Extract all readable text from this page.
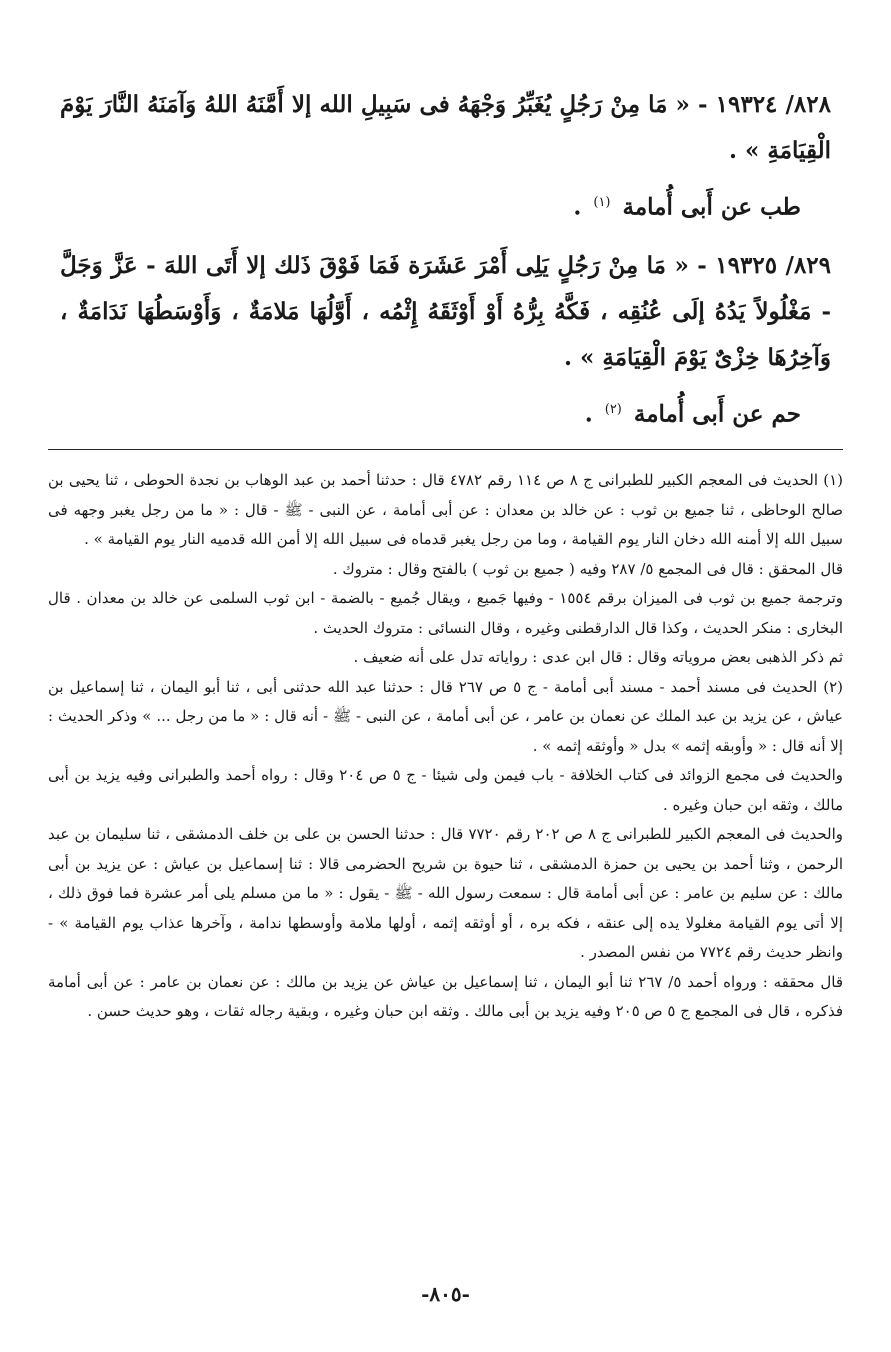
٨٢٨/ ١٩٣٢٤ - « مَا مِنْ رَجُلٍ يُغَبِّرُ وَجْهَهُ فى سَبِيلِ الله إلا أَمَّنَهُ اللهُ وَآمَنَهُ النَّارَ يَوْمَ الْقِيَامَةِ » .

طب عن أَبى أُمامة $^{(١)}$ .

٨٢٩/ ١٩٣٢٥ - « مَا مِنْ رَجُلٍ يَلِى أَمْرَ عَشَرَة فَمَا فَوْقَ ذَلك إلا أَتَى اللهَ - عَزَّ وَجَلَّ - مَغْلُولاً يَدُهُ إلَى عُنُقِه ، فَكَّهُ بِرُّهُ أَوْ أَوْثَقَهُ إِثْمُه ، أَوَّلُهَا مَلامَةٌ ، وَأَوْسَطُهَا نَدَامَةٌ ، وَآخِرُهَا خِزْىٌ يَوْمَ الْقِيَامَةِ » .

حم عن أَبى أُمامة $^{(٢)}$ .

(١) الحديث فى المعجم الكبير للطبرانى ج ٨ ص ١١٤ رقم ٤٧٨٢ قال : حدثنا أحمد بن عبد الوهاب بن نجدة الحوطى ، ثنا يحيى بن صالح الوحاظى ، ثنا جميع بن ثوب : عن خالد بن معدان : عن أبى أمامة ، عن النبى - ﷺ - قال : « ما من رجل يغبر وجهه فى سبيل الله إلا أمنه الله دخان النار يوم القيامة ، وما من رجل يغبر قدماه فى سبيل الله إلا أمن الله قدميه النار يوم القيامة » .

قال المحقق : قال فى المجمع ٥/ ٢٨٧ وفيه ( جميع بن ثوب ) بالفتح وقال : متروك .

وترجمة جميع بن ثوب فى الميزان برقم ١٥٥٤ - وفيها جَميع ، ويقال جُميع - بالضمة - ابن ثوب السلمى عن خالد بن معدان . قال البخارى : منكر الحديث ، وكذا قال الدارقطنى وغيره ، وقال النسائى : متروك الحديث .

ثم ذكر الذهبى بعض مروياته وقال : قال ابن عدى : رواياته تدل على أنه ضعيف .

(٢) الحديث فى مسند أحمد - مسند أبى أمامة - ج ٥ ص ٢٦٧ قال : حدثنا عبد الله حدثنى أبى ، ثنا أبو اليمان ، ثنا إسماعيل بن عياش ، عن يزيد بن عبد الملك عن نعمان بن عامر ، عن أبى أمامة ، عن النبى - ﷺ - أنه قال : « ما من رجل ... » وذكر الحديث : إلا أنه قال : « وأوبقه إثمه » بدل « وأوثقه إثمه » .

والحديث فى مجمع الزوائد فى كتاب الخلافة - باب فيمن ولى شيئا - ج ٥ ص ٢٠٤ وقال : رواه أحمد والطبرانى وفيه يزيد بن أبى مالك ، وثقه ابن حبان وغيره .

والحديث فى المعجم الكبير للطبرانى ج ٨ ص ٢٠٢ رقم ٧٧٢٠ قال : حدثنا الحسن بن على بن خلف الدمشقى ، ثنا سليمان بن عبد الرحمن ، وثنا أحمد بن يحيى بن حمزة الدمشقى ، ثنا حيوة بن شريح الحضرمى قالا : ثنا إسماعيل بن عياش : عن يزيد بن أبى مالك : عن سليم بن عامر : عن أبى أمامة قال : سمعت رسول الله - ﷺ - يقول : « ما من مسلم يلى أمر عشرة فما فوق ذلك ، إلا أتى يوم القيامة مغلولا يده إلى عنقه ، فكه بره ، أو أوثقه إثمه ، أولها ملامة وأوسطها ندامة ، وآخرها عذاب يوم القيامة » - وانظر حديث رقم ٧٧٢٤ من نفس المصدر .

قال محققه : ورواه أحمد ٥/ ٢٦٧ ثنا أبو اليمان ، ثنا إسماعيل بن عياش عن يزيد بن مالك : عن نعمان بن عامر : عن أبى أمامة فذكره ، قال فى المجمع ج ٥ ص ٢٠٥ وفيه يزيد بن أبى مالك . وثقه ابن حبان وغيره ، وبقية رجاله ثقات ، وهو حديث حسن .

-٨٠٥-
